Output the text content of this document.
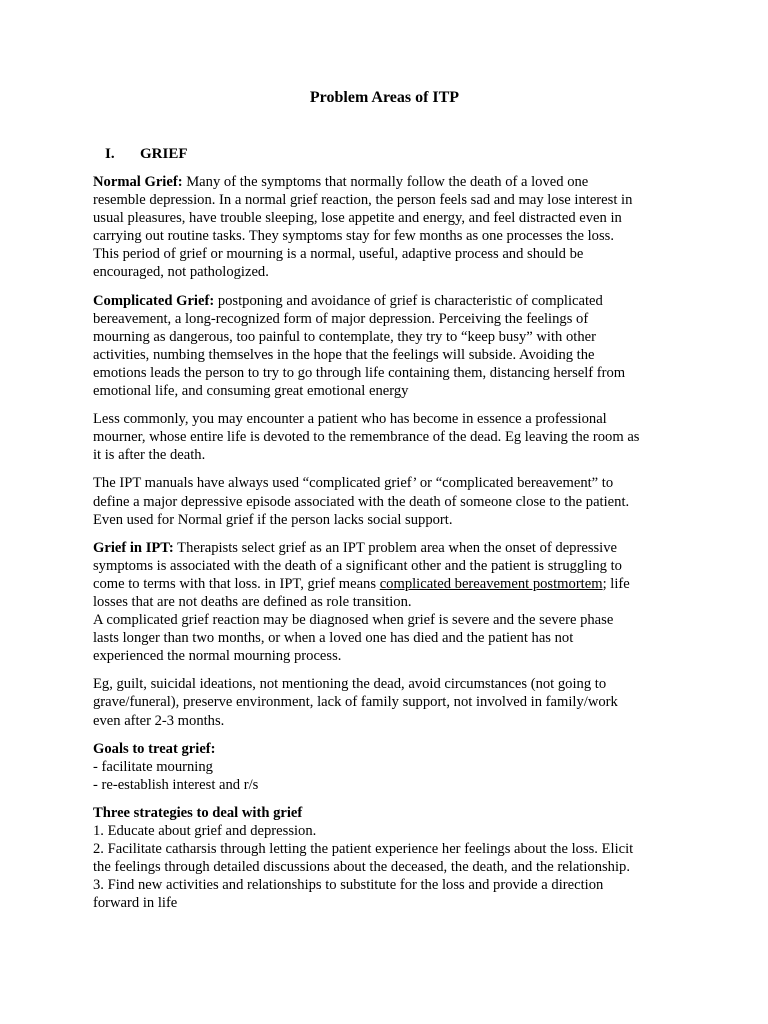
Problem Areas of ITP
I. GRIEF

Normal Grief: Many of the symptoms that normally follow the death of a loved one
resemble depression. In a normal grief reaction, the person feels sad and may lose interest in
usual pleasures, have trouble sleeping, lose appetite and energy, and feel distracted even in
carrying out routine tasks. They symptoms stay for few months as one processes the loss.
This period of grief or mourning is a normal, useful, adaptive process and should be
encouraged, not pathologized.

Complicated Grief: postponing and avoidance of grief is characteristic of complicated
bereavement, a long-recognized form of major depression. Perceiving the feelings of
mourning as dangerous, too painful to contemplate, they try to “keep busy” with other
activities, numbing themselves in the hope that the feelings will subside. Avoiding the
emotions leads the person to try to go through life containing them, distancing herself from
emotional life, and consuming great emotional energy

Less commonly, you may encounter a patient who has become in essence a professional
mourner, whose entire life is devoted to the remembrance of the dead. Eg leaving the room as
it is after the death.

The IPT manuals have always used “complicated grief’ or “complicated bereavement” to
define a major depressive episode associated with the death of someone close to the patient.
Even used for Normal grief if the person lacks social support.

Grief in IPT: Therapists select grief as an IPT problem area when the onset of depressive
symptoms is associated with the death of a significant other and the patient is struggling to
come to terms with that loss. in IPT, grief means complicated bereavement postmortem; life
losses that are not deaths are defined as role transition.
A complicated grief reaction may be diagnosed when grief is severe and the severe phase
lasts longer than two months, or when a loved one has died and the patient has not
experienced the normal mourning process.

Eg, guilt, suicidal ideations, not mentioning the dead, avoid circumstances (not going to
grave/funeral), preserve environment, lack of family support, not involved in family/work
even after 2-3 months.

Goals to treat grief:
- facilitate mourning
- re-establish interest and r/s

Three strategies to deal with grief
1. Educate about grief and depression.
2. Facilitate catharsis through letting the patient experience her feelings about the loss. Elicit
the feelings through detailed discussions about the deceased, the death, and the relationship.
3. Find new activities and relationships to substitute for the loss and provide a direction
forward in life
